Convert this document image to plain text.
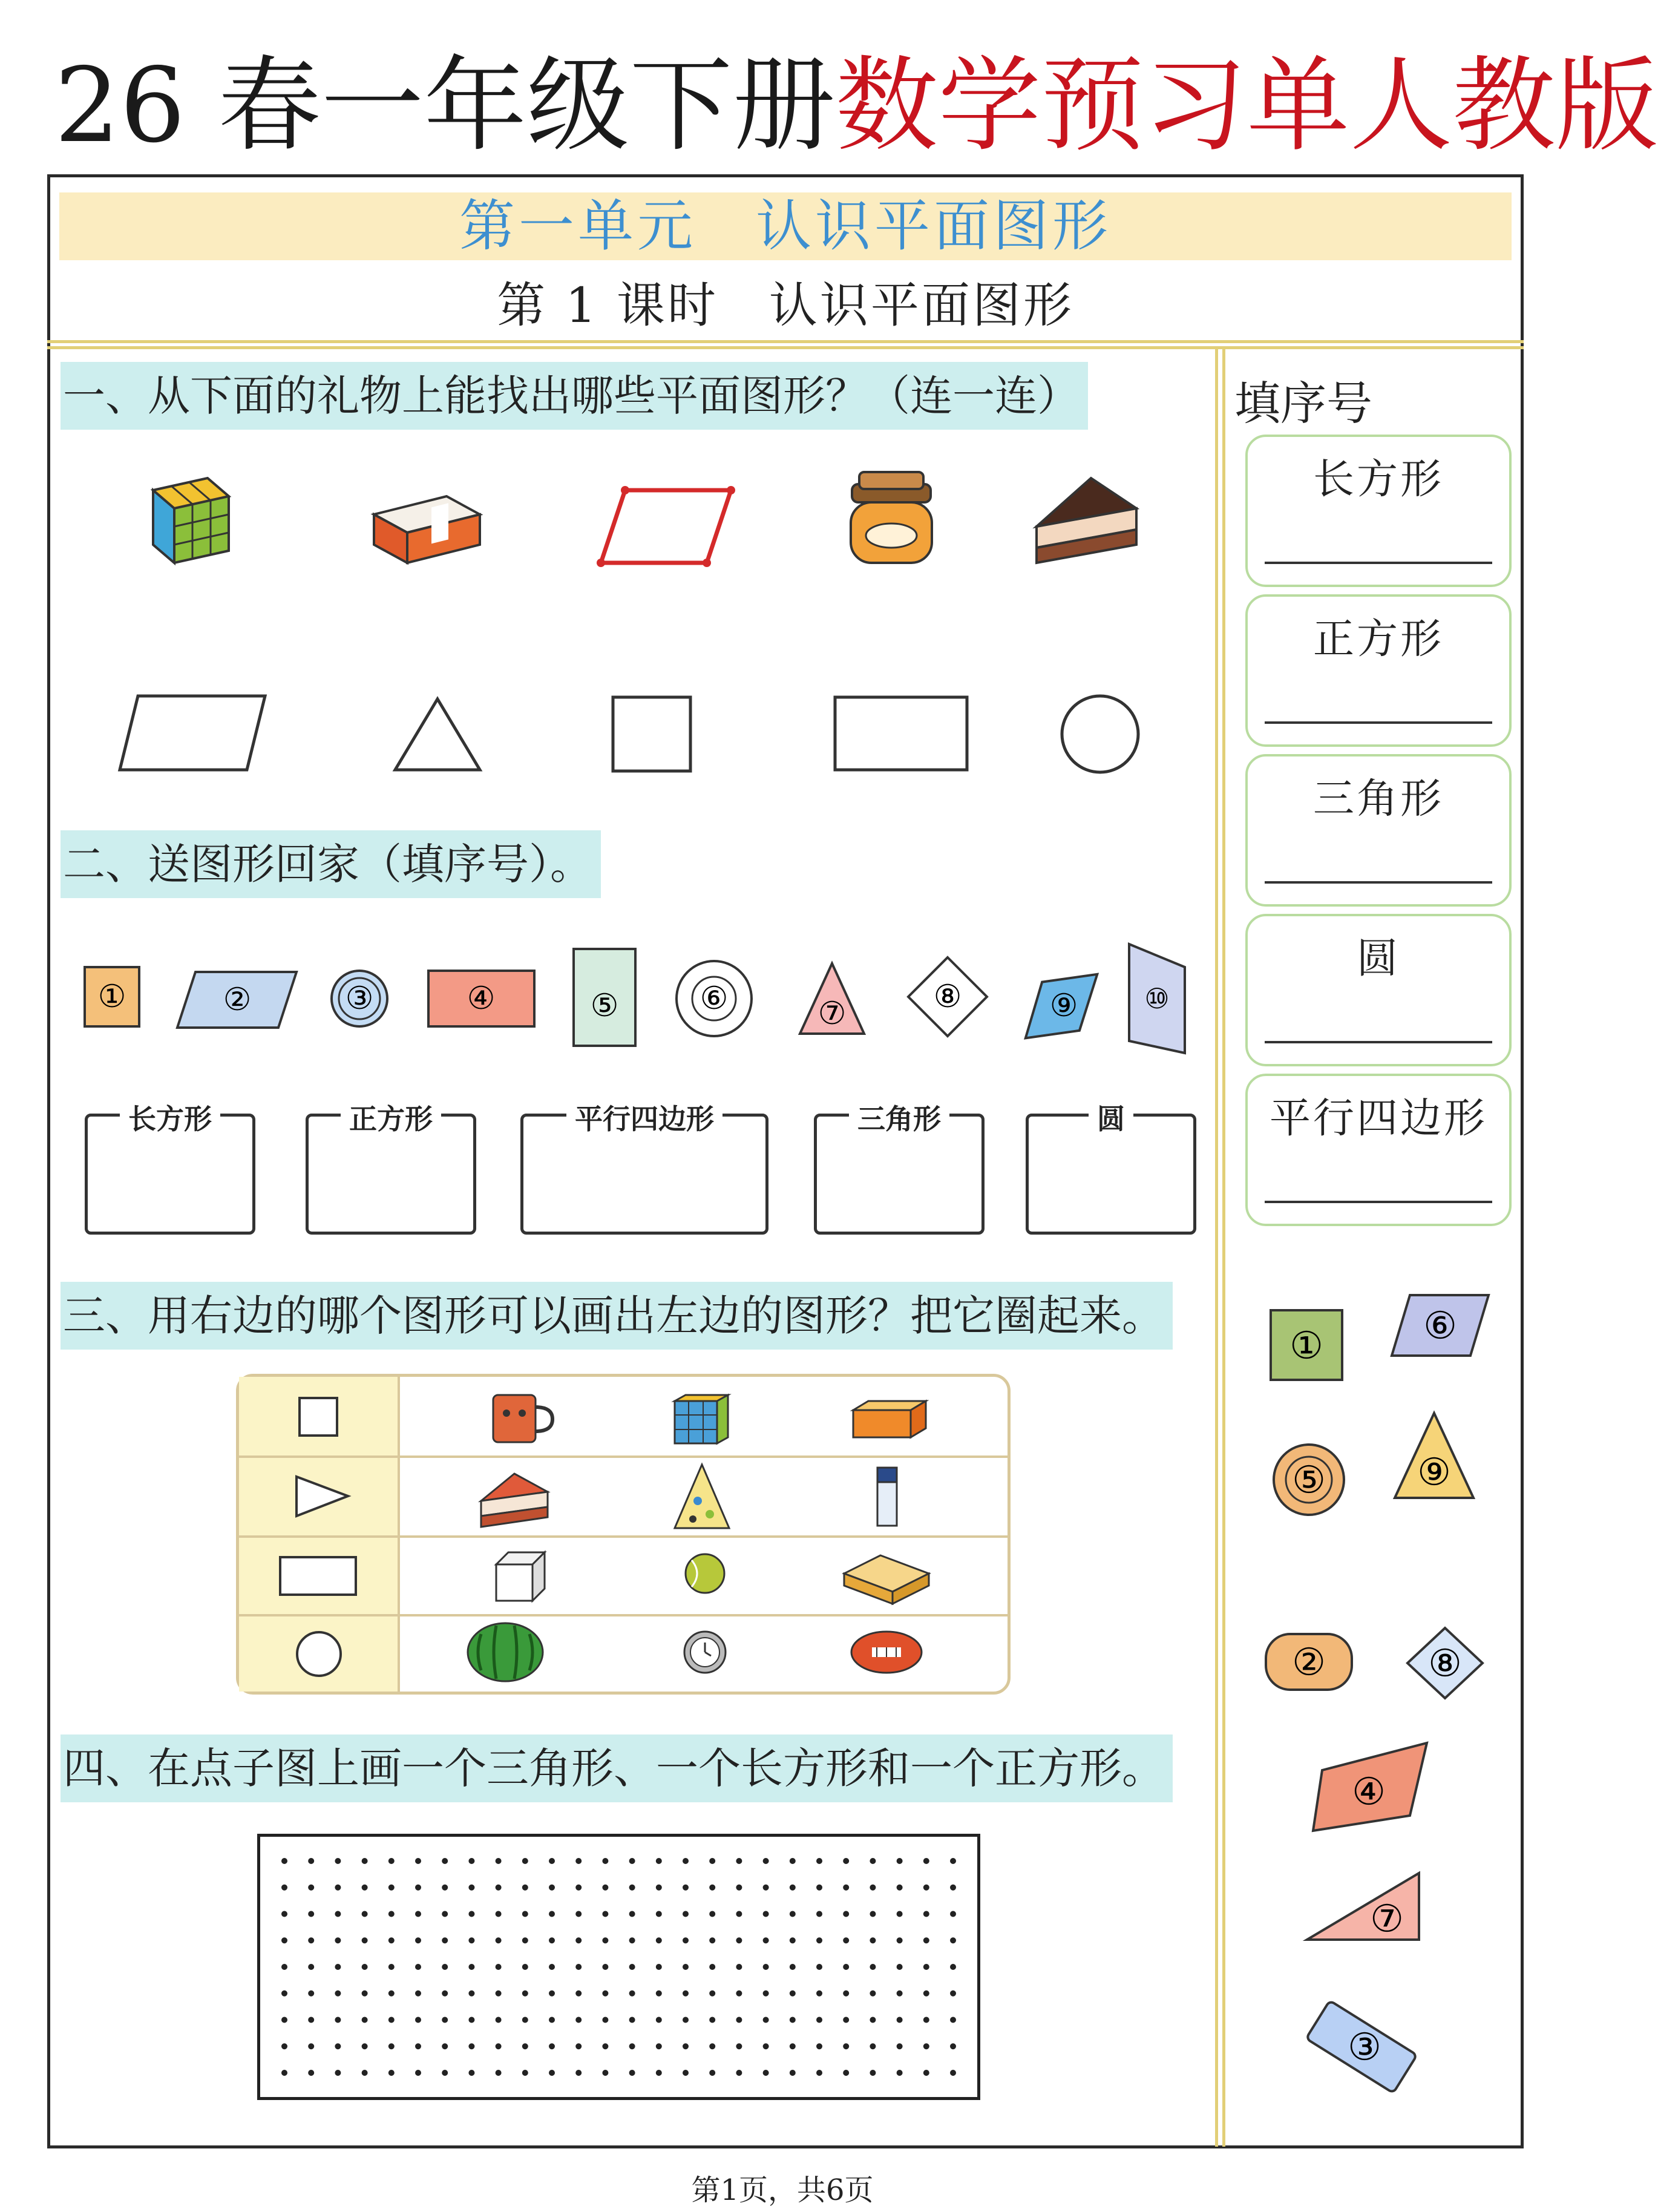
26 春一年级下册数学预习单人教版
第一单元　认识平面图形
第 1 课时　认识平面图形
一、从下面的礼物上能找出哪些平面图形？（连一连）
二、送图形回家（填序号）。
①	②	③	④	⑤	⑥	⑦	⑧	⑨ ⑩
长方形	正方形	平行四边形	三角形	圆
三、用右边的哪个图形可以画出左边的图形？把它圈起来。
四、在点子图上画一个三角形、一个长方形和一个正方形。
填序号
长方形
正方形
三角形
圆
平行四边形
①	⑥
⑤ ⑨
②	⑧
④
⑦
③
第1页，共6页
